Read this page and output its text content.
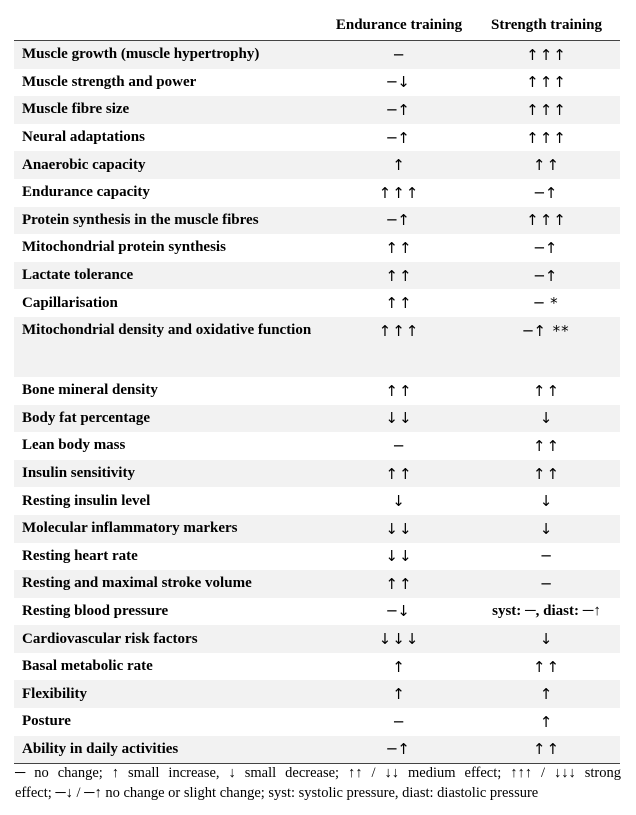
	Endurance training	Strength training
Muscle growth (muscle hypertrophy)	─	↑↑↑
Muscle strength and power	─↓	↑↑↑
Muscle fibre size	─↑	↑↑↑
Neural adaptations	─↑	↑↑↑
Anaerobic capacity	↑	↑↑
Endurance capacity	↑↑↑	─↑
Protein synthesis in the muscle fibres	─↑	↑↑↑
Mitochondrial protein synthesis	↑↑	─↑
Lactate tolerance	↑↑	─↑
Capillarisation	↑↑	─ *
Mitochondrial density and oxidative function	↑↑↑	─↑ **
Bone mineral density	↑↑	↑↑
Body fat percentage	↓↓	↓
Lean body mass	─	↑↑
Insulin sensitivity	↑↑	↑↑
Resting insulin level	↓	↓
Molecular inflammatory markers	↓↓	↓
Resting heart rate	↓↓	─
Resting and maximal stroke volume	↑↑	─
Resting blood pressure	─↓	syst: ─, diast: ─↑
Cardiovascular risk factors	↓↓↓	↓
Basal metabolic rate	↑	↑↑
Flexibility	↑	↑
Posture	─	↑
Ability in daily activities	─↑	↑↑
─ no change; ↑ small increase, ↓ small decrease; ↑↑ / ↓↓ medium effect; ↑↑↑ / ↓↓↓ strong
effect; ─↓ / ─↑ no change or slight change; syst: systolic pressure, diast: diastolic pressure
